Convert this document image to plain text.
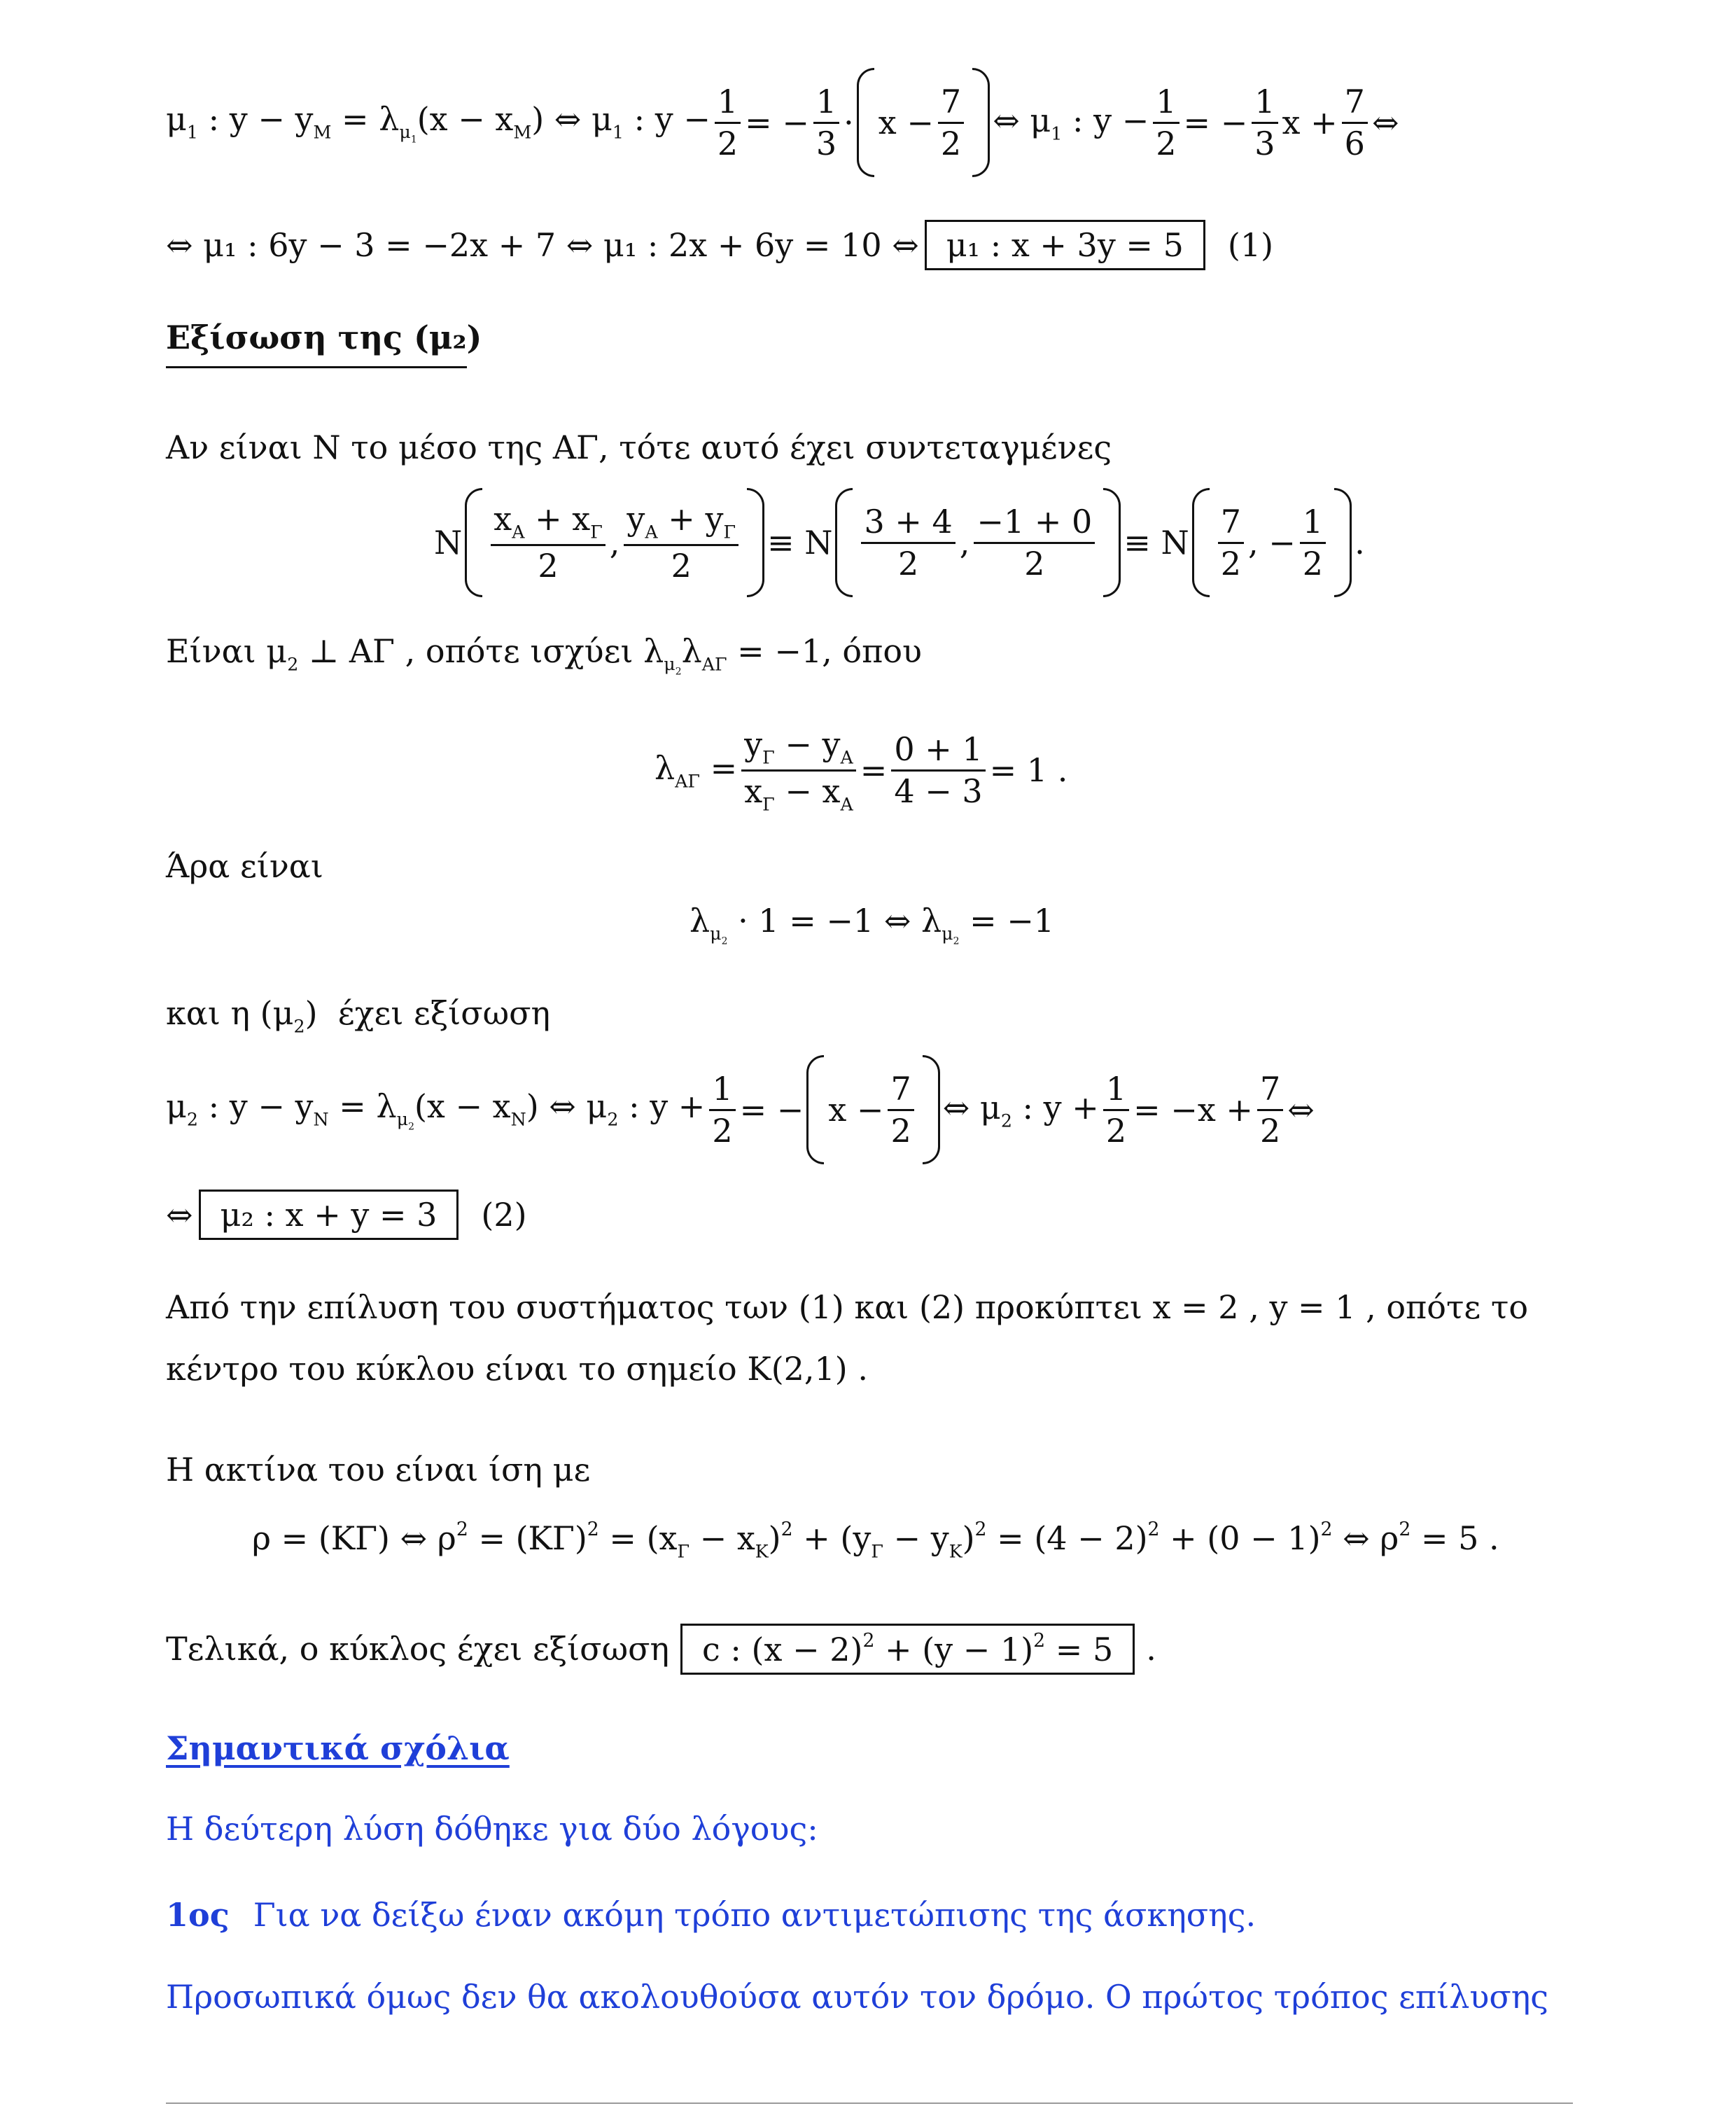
$\mu_1$ : $y - y_M = \lambda_{\mu_1}(x - x_M)$ ⇔ $\mu_1$ : $y - \frac{1}{2}$ = − $\frac{1}{3} \cdot x - \frac{7}{2}$ ⇔ $\mu_1$ : $y - \frac{1}{2}$ = − $\frac{1}{3}$ $x + \frac{7}{6}$ ⇔
⇔ μ₁ : 6y − 3 = −2x + 7 ⇔ μ₁ : 2x + 6y = 10 ⇔ μ₁ : x + 3y = 5	(1)
Εξίσωση της (μ₂)
Αν είναι Ν το μέσο της ΑΓ, τότε αυτό έχει συντεταγμένες
N $\frac{x_A + x_\Gamma}{2}$ , $\frac{y_A + y_\Gamma}{2} \equiv N \frac{3 + 4}{2}$ , $\frac{-1 + 0}{2} \equiv N \frac{7}{2}$ , − $\frac{1}{2}$ .
Είναι $\mu_2$ ⊥ ΑΓ , οπότε ισχύει $\lambda_{\mu_2}\lambda_{A\Gamma} = -1$, όπου
$\lambda_{A\Gamma} = \frac{y_\Gamma - y_A}{x_\Gamma - x_A} = \frac{0 + 1}{4 - 3} = 1$ .
Άρα είναι
$\lambda_{\mu_2} \cdot 1 = -1$ ⇔ $\lambda_{\mu_2} = -1$
και η $(\mu_2)$  έχει εξίσωση
$\mu_2$ : $y - y_N = \lambda_{\mu_2}(x - x_N)$ ⇔ $\mu_2$ : $y + \frac{1}{2}$ = − $x - \frac{7}{2}$ ⇔ $\mu_2$ : $y + \frac{1}{2} = -x + \frac{7}{2}$ ⇔
⇔ μ₂ : x + y = 3	(2)
Από την επίλυση του συστήματος των (1) και (2) προκύπτει x = 2 , y = 1 , οπότε το
κέντρο του κύκλου είναι το σημείο Κ(2,1) .
Η ακτίνα του είναι ίση με
ρ = (ΚΓ) ⇔ $\rho^2 = (K\Gamma)^2 = (x_\Gamma - x_K)^2 + (y_\Gamma - y_K)^2 = (4 - 2)^2 + (0 - 1)^2$ ⇔ $\rho^2 = 5$ .
Τελικά, ο κύκλος έχει εξίσωση	c : $(x - 2)^2 + (y - 1)^2 = 5$	.
Σημαντικά σχόλια
Η δεύτερη λύση δόθηκε για δύο λόγους:
1ος Για να δείξω έναν ακόμη τρόπο αντιμετώπισης της άσκησης.
Προσωπικά όμως δεν θα ακολουθούσα αυτόν τον δρόμο. Ο πρώτος τρόπος επίλυσης
